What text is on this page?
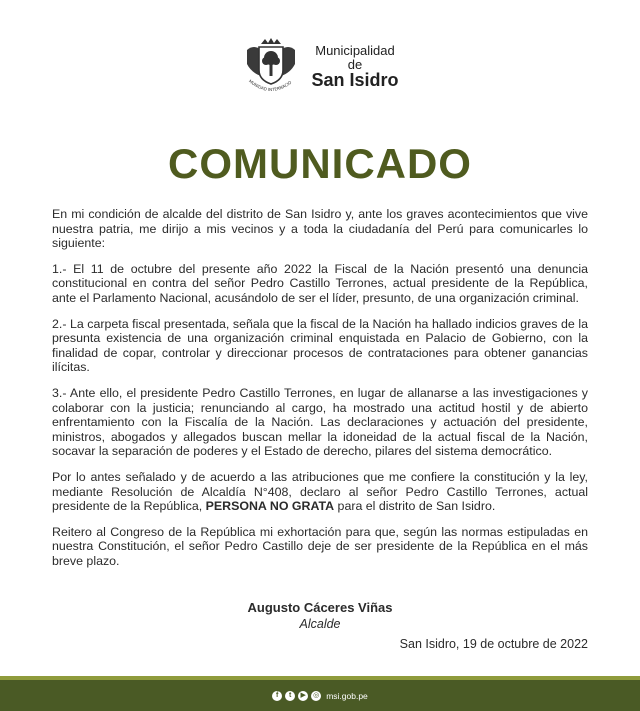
MUNIDAD INTERNACIO
Municipalidad
de
San Isidro
COMUNICADO

En mi condición de alcalde del distrito de San Isidro y, ante los graves acontecimientos que vive nuestra patria, me dirijo a mis vecinos y a toda la ciudadanía del Perú para comunicarles lo siguiente:

1.- El 11 de octubre del presente año 2022 la Fiscal de la Nación presentó una denuncia constitucional en contra del señor Pedro Castillo Terrones, actual presidente de la República, ante el Parlamento Nacional, acusándolo de ser el líder, presunto, de una organización criminal.

2.- La carpeta fiscal presentada, señala que la fiscal de la Nación ha hallado indicios graves de la presunta existencia de una organización criminal enquistada en Palacio de Gobierno, con la finalidad de copar, controlar y direccionar procesos de contrataciones para obtener ganancias ilícitas.

3.- Ante ello, el presidente Pedro Castillo Terrones, en lugar de allanarse a las investigaciones y colaborar con la justicia; renunciando al cargo, ha mostrado una actitud hostil y de abierto enfrentamiento con la Fiscalía de la Nación. Las declaraciones y actuación del presidente, ministros, abogados y allegados buscan mellar la idoneidad de la actual fiscal de la Nación, socavar la separación de poderes y el Estado de derecho, pilares del sistema democrático.

Por lo antes señalado y de acuerdo a las atribuciones que me confiere la constitución y la ley, mediante Resolución de Alcaldía N°408, declaro al señor Pedro Castillo Terrones, actual presidente de la República, PERSONA NO GRATA para el distrito de San Isidro.

Reitero al Congreso de la República mi exhortación para que, según las normas estipuladas en nuestra Constitución, el señor Pedro Castillo deje de ser presidente de la República en el más breve plazo.

Augusto Cáceres Viñas
Alcalde
San Isidro, 19 de octubre de 2022
f	t	▶	◎ msi.gob.pe
